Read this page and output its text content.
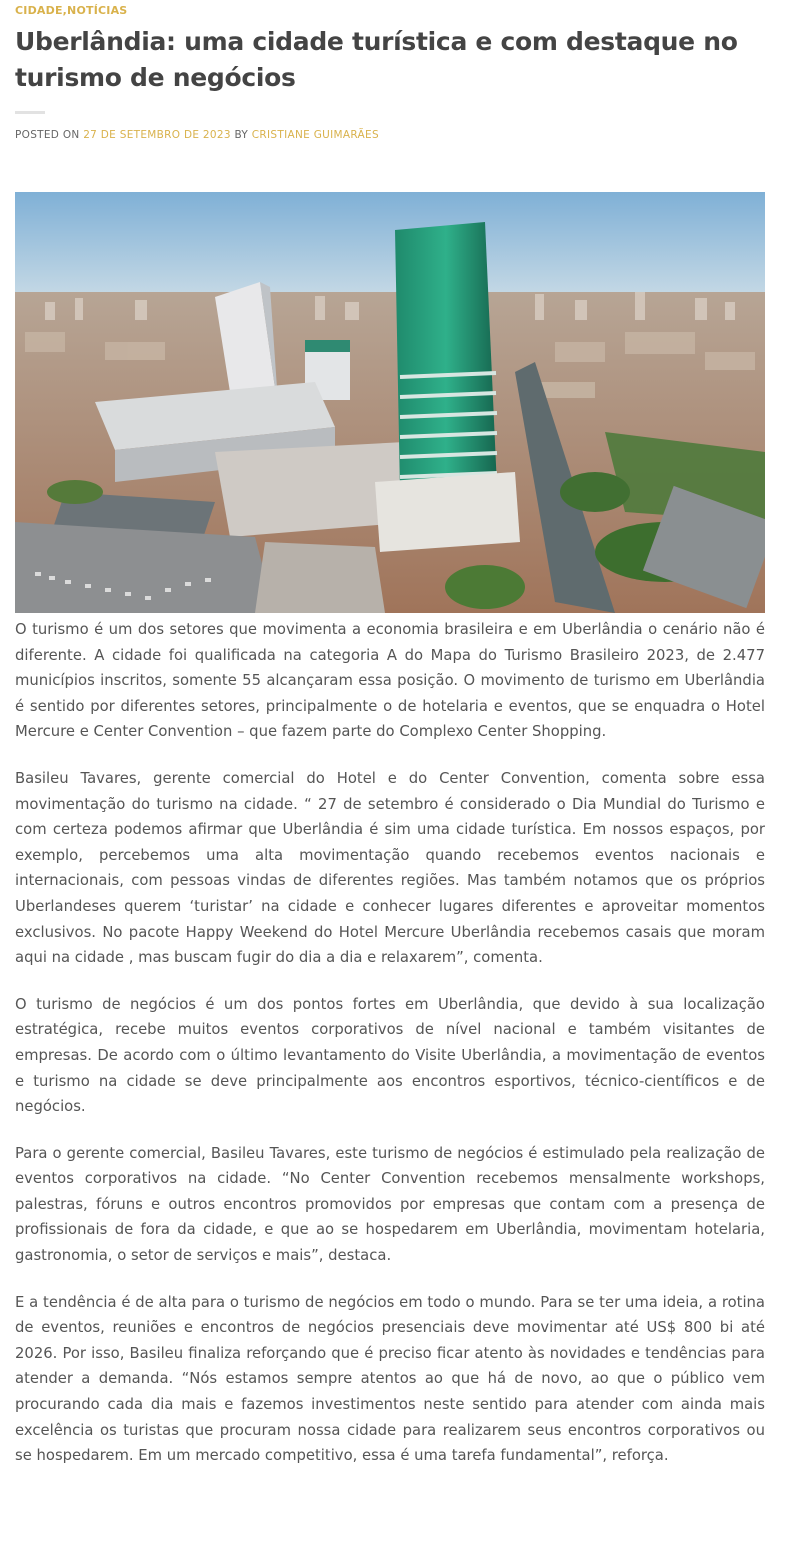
CIDADE,NOTÍCIAS
Uberlândia: uma cidade turística e com destaque no turismo de negócios
POSTED ON 27 DE SETEMBRO DE 2023 BY CRISTIANE GUIMARÃES

O turismo é um dos setores que movimenta a economia brasileira e em Uberlândia o cenário não é diferente. A cidade foi qualificada na categoria A do Mapa do Turismo Brasileiro 2023, de 2.477 municípios inscritos, somente 55 alcançaram essa posição. O movimento de turismo em Uberlândia é sentido por diferentes setores, principalmente o de hotelaria e eventos, que se enquadra o Hotel Mercure e Center Convention – que fazem parte do Complexo Center Shopping.

Basileu Tavares, gerente comercial do Hotel e do Center Convention, comenta sobre essa movimentação do turismo na cidade. “ 27 de setembro é considerado o Dia Mundial do Turismo e com certeza podemos afirmar que Uberlândia é sim uma cidade turística. Em nossos espaços, por exemplo, percebemos uma alta movimentação quando recebemos eventos nacionais e internacionais, com pessoas vindas de diferentes regiões. Mas também notamos que os próprios Uberlandeses querem ‘turistar’ na cidade e conhecer lugares diferentes e aproveitar momentos exclusivos. No pacote Happy Weekend do Hotel Mercure Uberlândia recebemos casais que moram aqui na cidade , mas buscam fugir do dia a dia e relaxarem”, comenta.

O turismo de negócios é um dos pontos fortes em Uberlândia, que devido à sua localização estratégica, recebe muitos eventos corporativos de nível nacional e também visitantes de empresas. De acordo com o último levantamento do Visite Uberlândia, a movimentação de eventos e turismo na cidade se deve principalmente aos encontros esportivos, técnico-científicos e de negócios.

Para o gerente comercial, Basileu Tavares, este turismo de negócios é estimulado pela realização de eventos corporativos na cidade. “No Center Convention recebemos mensalmente workshops, palestras, fóruns e outros encontros promovidos por empresas que contam com a presença de profissionais de fora da cidade, e que ao se hospedarem em Uberlândia, movimentam hotelaria, gastronomia, o setor de serviços e mais”, destaca.

E a tendência é de alta para o turismo de negócios em todo o mundo. Para se ter uma ideia, a rotina de eventos, reuniões e encontros de negócios presenciais deve movimentar até US$ 800 bi até 2026. Por isso, Basileu finaliza reforçando que é preciso ficar atento às novidades e tendências para atender a demanda. “Nós estamos sempre atentos ao que há de novo, ao que o público vem procurando cada dia mais e fazemos investimentos neste sentido para atender com ainda mais excelência os turistas que procuram nossa cidade para realizarem seus encontros corporativos ou se hospedarem. Em um mercado competitivo, essa é uma tarefa fundamental”, reforça.
